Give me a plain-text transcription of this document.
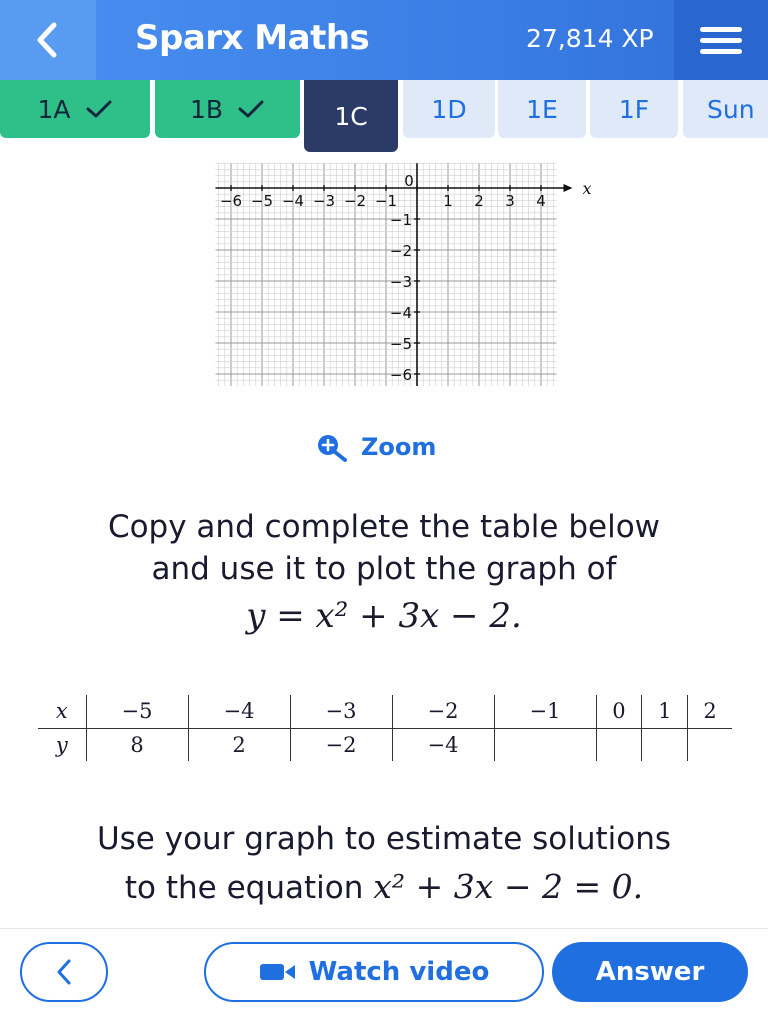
Sparx Maths	27,814 XP
1A	1B	1C	1D 1E 1F Sun
−6 −5 −4 −3 −2 −1
0
1 2 3 4
x
−1
−2
−3
−4
−5
−6
Zoom
Copy and complete the table below
and use it to plot the graph of
y = x² + 3x − 2.
x	−5	−4	−3	−2	−1	0	1	2
y	8	2	−2	−4				
Use your graph to estimate solutions
to the equation x² + 3x − 2 = 0.
Watch video	Answer
